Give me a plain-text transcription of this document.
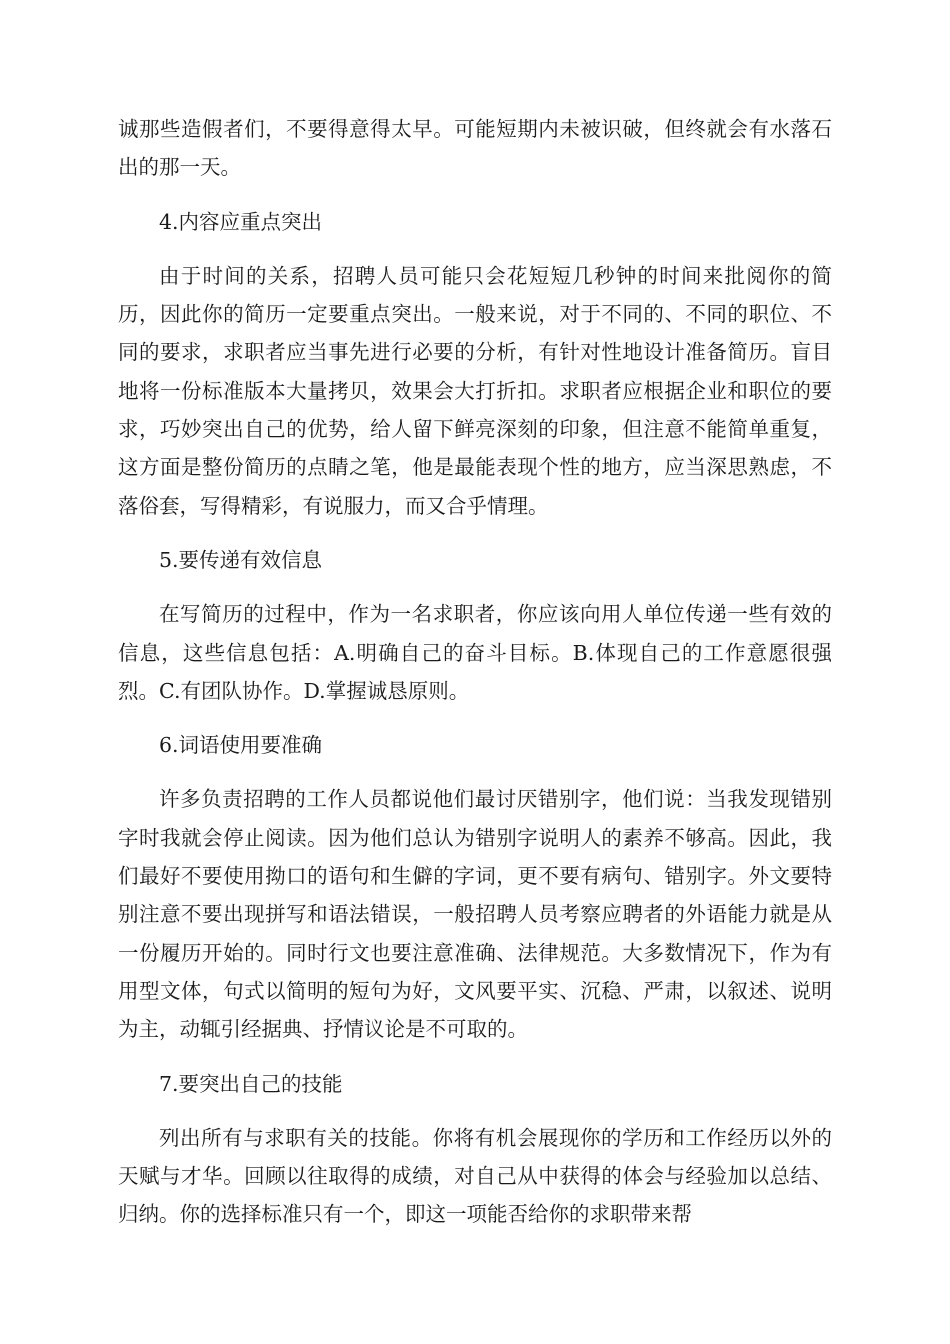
诚那些造假者们，不要得意得太早。可能短期内未被识破，但终就会有水落石出的那一天。

4.内容应重点突出

由于时间的关系，招聘人员可能只会花短短几秒钟的时间来批阅你的简历，因此你的简历一定要重点突出。一般来说，对于不同的、不同的职位、不同的要求，求职者应当事先进行必要的分析，有针对性地设计准备简历。盲目地将一份标准版本大量拷贝，效果会大打折扣。求职者应根据企业和职位的要求，巧妙突出自己的优势，给人留下鲜亮深刻的印象，但注意不能简单重复，这方面是整份简历的点睛之笔，他是最能表现个性的地方，应当深思熟虑，不落俗套，写得精彩，有说服力，而又合乎情理。

5.要传递有效信息

在写简历的过程中，作为一名求职者，你应该向用人单位传递一些有效的信息，这些信息包括：A.明确自己的奋斗目标。B.体现自己的工作意愿很强烈。C.有团队协作。D.掌握诚恳原则。

6.词语使用要准确

许多负责招聘的工作人员都说他们最讨厌错别字，他们说：当我发现错别字时我就会停止阅读。因为他们总认为错别字说明人的素养不够高。因此，我们最好不要使用拗口的语句和生僻的字词，更不要有病句、错别字。外文要特别注意不要出现拼写和语法错误，一般招聘人员考察应聘者的外语能力就是从一份履历开始的。同时行文也要注意准确、法律规范。大多数情况下，作为有用型文体，句式以简明的短句为好，文风要平实、沉稳、严肃，以叙述、说明为主，动辄引经据典、抒情议论是不可取的。

7.要突出自己的技能

列出所有与求职有关的技能。你将有机会展现你的学历和工作经历以外的天赋与才华。回顾以往取得的成绩，对自己从中获得的体会与经验加以总结、归纳。你的选择标准只有一个，即这一项能否给你的求职带来帮
